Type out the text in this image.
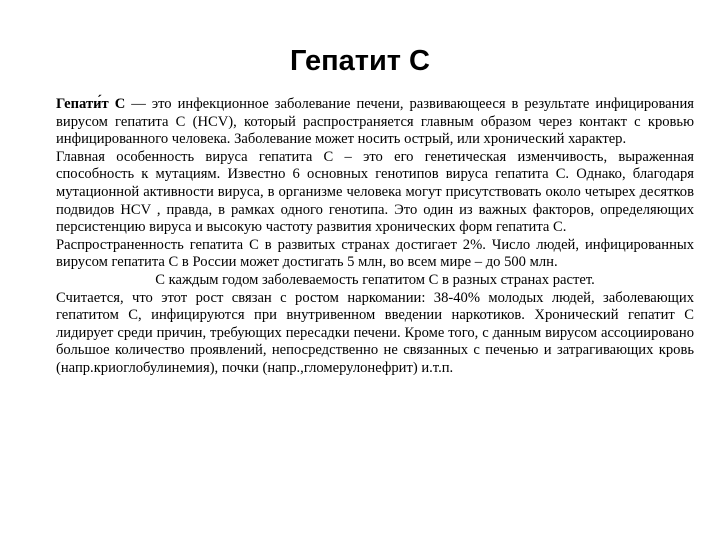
Гепатит C

Гепати́т C — это инфекционное заболевание печени, развивающееся в результате инфицирования вирусом гепатита С (HCV), который распространяется главным образом через контакт с кровью инфицированного человека. Заболевание может носить острый, или хронический характер.

Главная особенность вируса гепатита С – это его генетическая изменчивость, выраженная способность к мутациям. Известно 6 основных генотипов вируса гепатита С. Однако, благодаря мутационной активности вируса, в организме человека могут присутствовать около четырех десятков подвидов HCV , правда, в рамках одного генотипа. Это один из важных факторов, определяющих персистенцию вируса и высокую частоту развития хронических форм гепатита С.

Распространенность гепатита С в развитых странах достигает 2%. Число людей, инфицированных вирусом гепатита С в России может достигать 5 млн, во всем мире – до 500 млн.

С каждым годом заболеваемость гепатитом С в разных странах растет.

Считается, что этот рост связан с ростом наркомании: 38-40% молодых людей, заболевающих гепатитом С, инфицируются при внутривенном введении наркотиков. Хронический гепатит С лидирует среди причин, требующих пересадки печени. Кроме того, с данным вирусом ассоциировано большое количество проявлений, непосредственно не связанных с печенью и затрагивающих кровь (напр.криоглобулинемия), почки (напр.,гломерулонефрит) и.т.п.
